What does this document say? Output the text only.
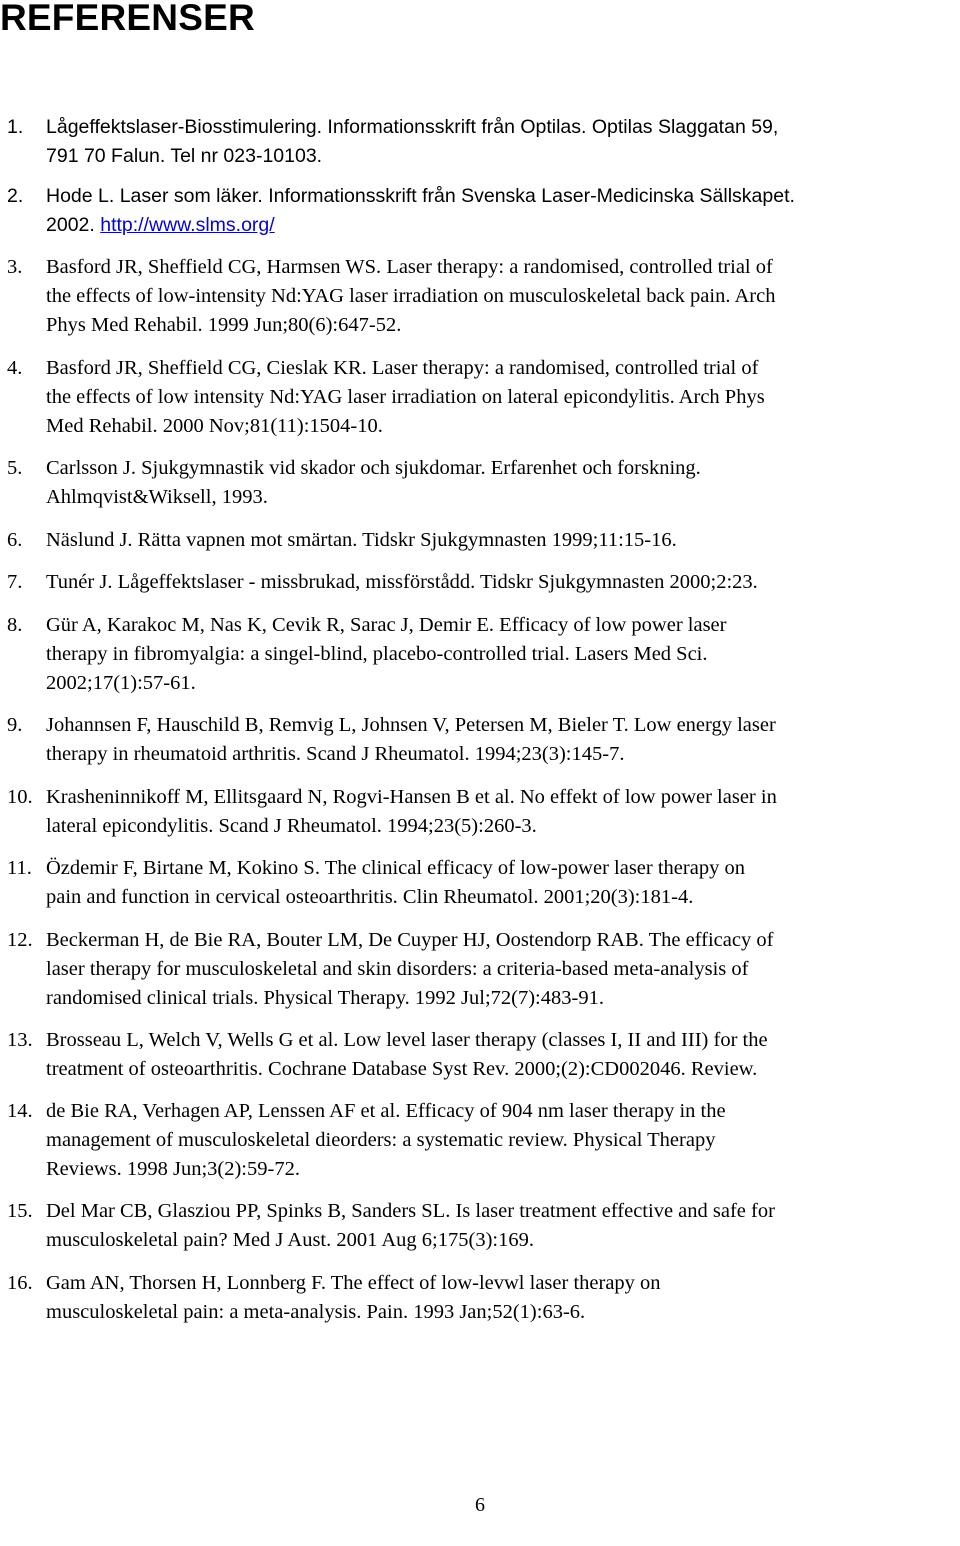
REFERENSER
1. Lågeffektslaser-Biosstimulering. Informationsskrift från Optilas. Optilas Slaggatan 59,
791 70 Falun. Tel nr 023-10103.
2. Hode L. Laser som läker. Informationsskrift från Svenska Laser-Medicinska Sällskapet.
2002. http://www.slms.org/
3. Basford JR, Sheffield CG, Harmsen WS. Laser therapy: a randomised, controlled trial of
the effects of low-intensity Nd:YAG laser irradiation on musculoskeletal back pain. Arch
Phys Med Rehabil. 1999 Jun;80(6):647-52.
4. Basford JR, Sheffield CG, Cieslak KR. Laser therapy: a randomised, controlled trial of
the effects of low intensity Nd:YAG laser irradiation on lateral epicondylitis. Arch Phys
Med Rehabil. 2000 Nov;81(11):1504-10.
5. Carlsson J. Sjukgymnastik vid skador och sjukdomar. Erfarenhet och forskning.
Ahlmqvist&Wiksell, 1993.
6. Näslund J. Rätta vapnen mot smärtan. Tidskr Sjukgymnasten 1999;11:15-16.
7. Tunér J. Lågeffektslaser - missbrukad, missförstådd. Tidskr Sjukgymnasten 2000;2:23.
8. Gür A, Karakoc M, Nas K, Cevik R, Sarac J, Demir E. Efficacy of low power laser
therapy in fibromyalgia: a singel-blind, placebo-controlled trial. Lasers Med Sci.
2002;17(1):57-61.
9. Johannsen F, Hauschild B, Remvig L, Johnsen V, Petersen M, Bieler T. Low energy laser
therapy in rheumatoid arthritis. Scand J Rheumatol. 1994;23(3):145-7.
10. Krasheninnikoff M, Ellitsgaard N, Rogvi-Hansen B et al. No effekt of low power laser in
lateral epicondylitis. Scand J Rheumatol. 1994;23(5):260-3.
11. Özdemir F, Birtane M, Kokino S. The clinical efficacy of low-power laser therapy on
pain and function in cervical osteoarthritis. Clin Rheumatol. 2001;20(3):181-4.
12. Beckerman H, de Bie RA, Bouter LM, De Cuyper HJ, Oostendorp RAB. The efficacy of
laser therapy for musculoskeletal and skin disorders: a criteria-based meta-analysis of
randomised clinical trials. Physical Therapy. 1992 Jul;72(7):483-91.
13. Brosseau L, Welch V, Wells G et al. Low level laser therapy (classes I, II and III) for the
treatment of osteoarthritis. Cochrane Database Syst Rev. 2000;(2):CD002046. Review.
14. de Bie RA, Verhagen AP, Lenssen AF et al. Efficacy of 904 nm laser therapy in the
management of musculoskeletal dieorders: a systematic review. Physical Therapy
Reviews. 1998 Jun;3(2):59-72.
15. Del Mar CB, Glasziou PP, Spinks B, Sanders SL. Is laser treatment effective and safe for
musculoskeletal pain? Med J Aust. 2001 Aug 6;175(3):169.
16. Gam AN, Thorsen H, Lonnberg F. The effect of low-levwl laser therapy on
musculoskeletal pain: a meta-analysis. Pain. 1993 Jan;52(1):63-6.
6
